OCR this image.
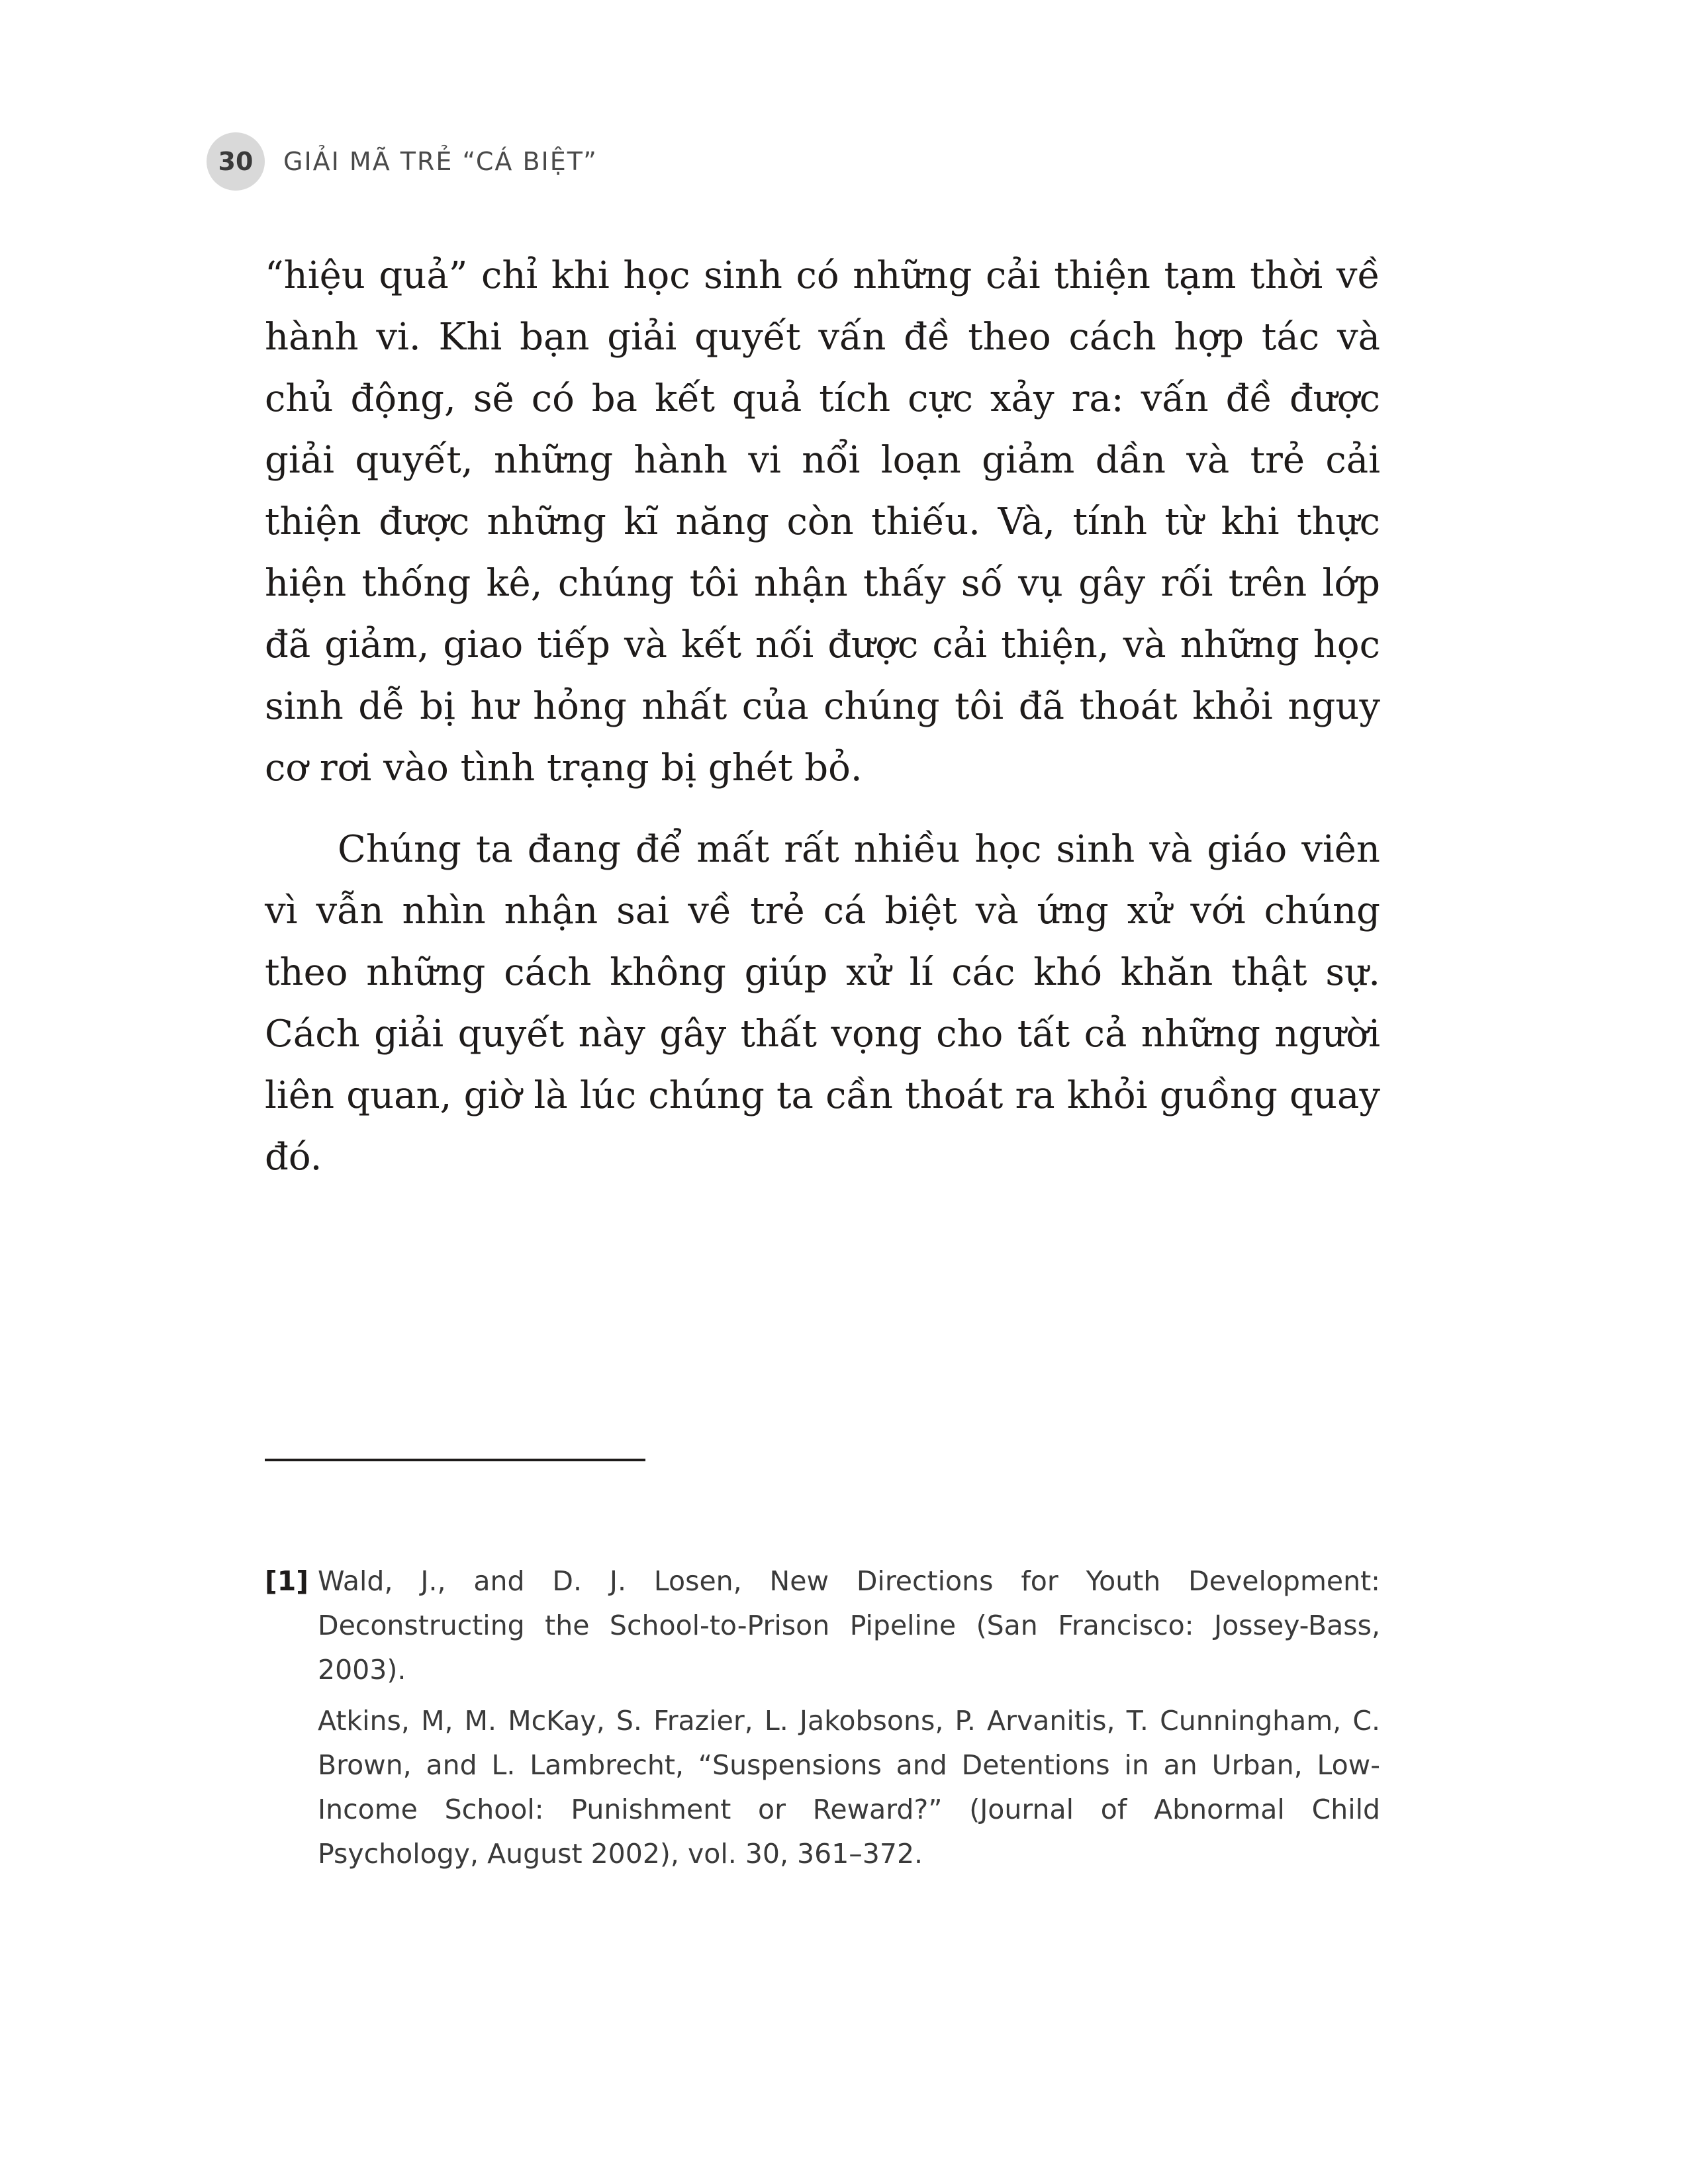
30	GIẢI MÃ TRẺ “CÁ BIỆT”

“hiệu quả” chỉ khi học sinh có những cải thiện tạm thời về hành vi. Khi bạn giải quyết vấn đề theo cách hợp tác và chủ động, sẽ có ba kết quả tích cực xảy ra: vấn đề được giải quyết, những hành vi nổi loạn giảm dần và trẻ cải thiện được những kĩ năng còn thiếu. Và, tính từ khi thực hiện thống kê, chúng tôi nhận thấy số vụ gây rối trên lớp đã giảm, giao tiếp và kết nối được cải thiện, và những học sinh dễ bị hư hỏng nhất của chúng tôi đã thoát khỏi nguy cơ rơi vào tình trạng bị ghét bỏ.

Chúng ta đang để mất rất nhiều học sinh và giáo viên vì vẫn nhìn nhận sai về trẻ cá biệt và ứng xử với chúng theo những cách không giúp xử lí các khó khăn thật sự. Cách giải quyết này gây thất vọng cho tất cả những người liên quan, giờ là lúc chúng ta cần thoát ra khỏi guồng quay đó.

[1] Wald, J., and D. J. Losen, New Directions for Youth Development: Deconstructing the School-to-Prison Pipeline (San Francisco: Jossey-Bass, 2003).

Atkins, M, M. McKay, S. Frazier, L. Jakobsons, P. Arvanitis, T. Cunningham, C. Brown, and L. Lambrecht, “Suspensions and Detentions in an Urban, Low-Income School: Punishment or Reward?” (Journal of Abnormal Child Psychology, August 2002), vol. 30, 361–372.
